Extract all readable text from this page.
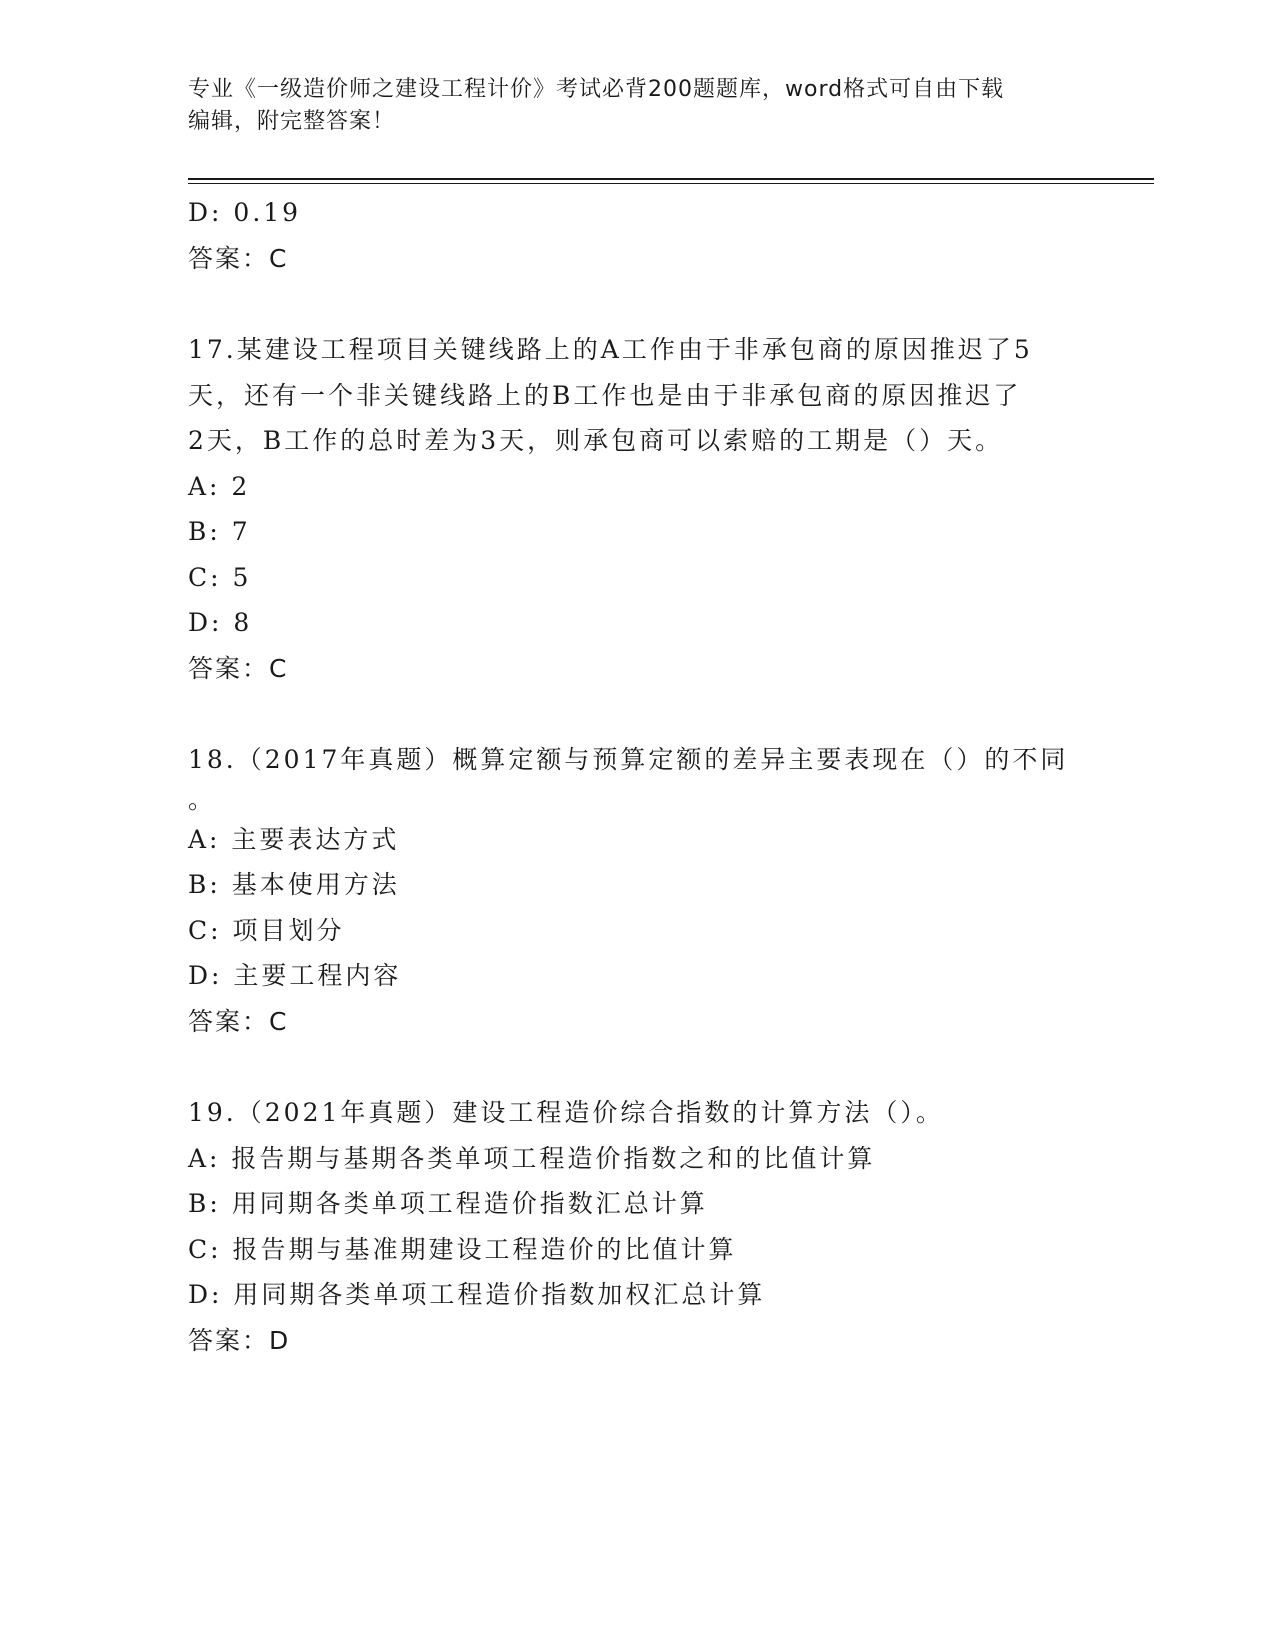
专业《一级造价师之建设工程计价》考试必背200题题库，word格式可自由下载
编辑，附完整答案！
D: 0.19
答案：C
17.某建设工程项目关键线路上的A工作由于非承包商的原因推迟了5
天，还有一个非关键线路上的B工作也是由于非承包商的原因推迟了
2天，B工作的总时差为3天，则承包商可以索赔的工期是（）天。
A: 2
B: 7
C: 5
D: 8
答案：C
18.（2017年真题）概算定额与预算定额的差异主要表现在（）的不同
。
A: 主要表达方式
B: 基本使用方法
C: 项目划分
D: 主要工程内容
答案：C
19.（2021年真题）建设工程造价综合指数的计算方法（）。
A: 报告期与基期各类单项工程造价指数之和的比值计算
B: 用同期各类单项工程造价指数汇总计算
C: 报告期与基准期建设工程造价的比值计算
D: 用同期各类单项工程造价指数加权汇总计算
答案：D
